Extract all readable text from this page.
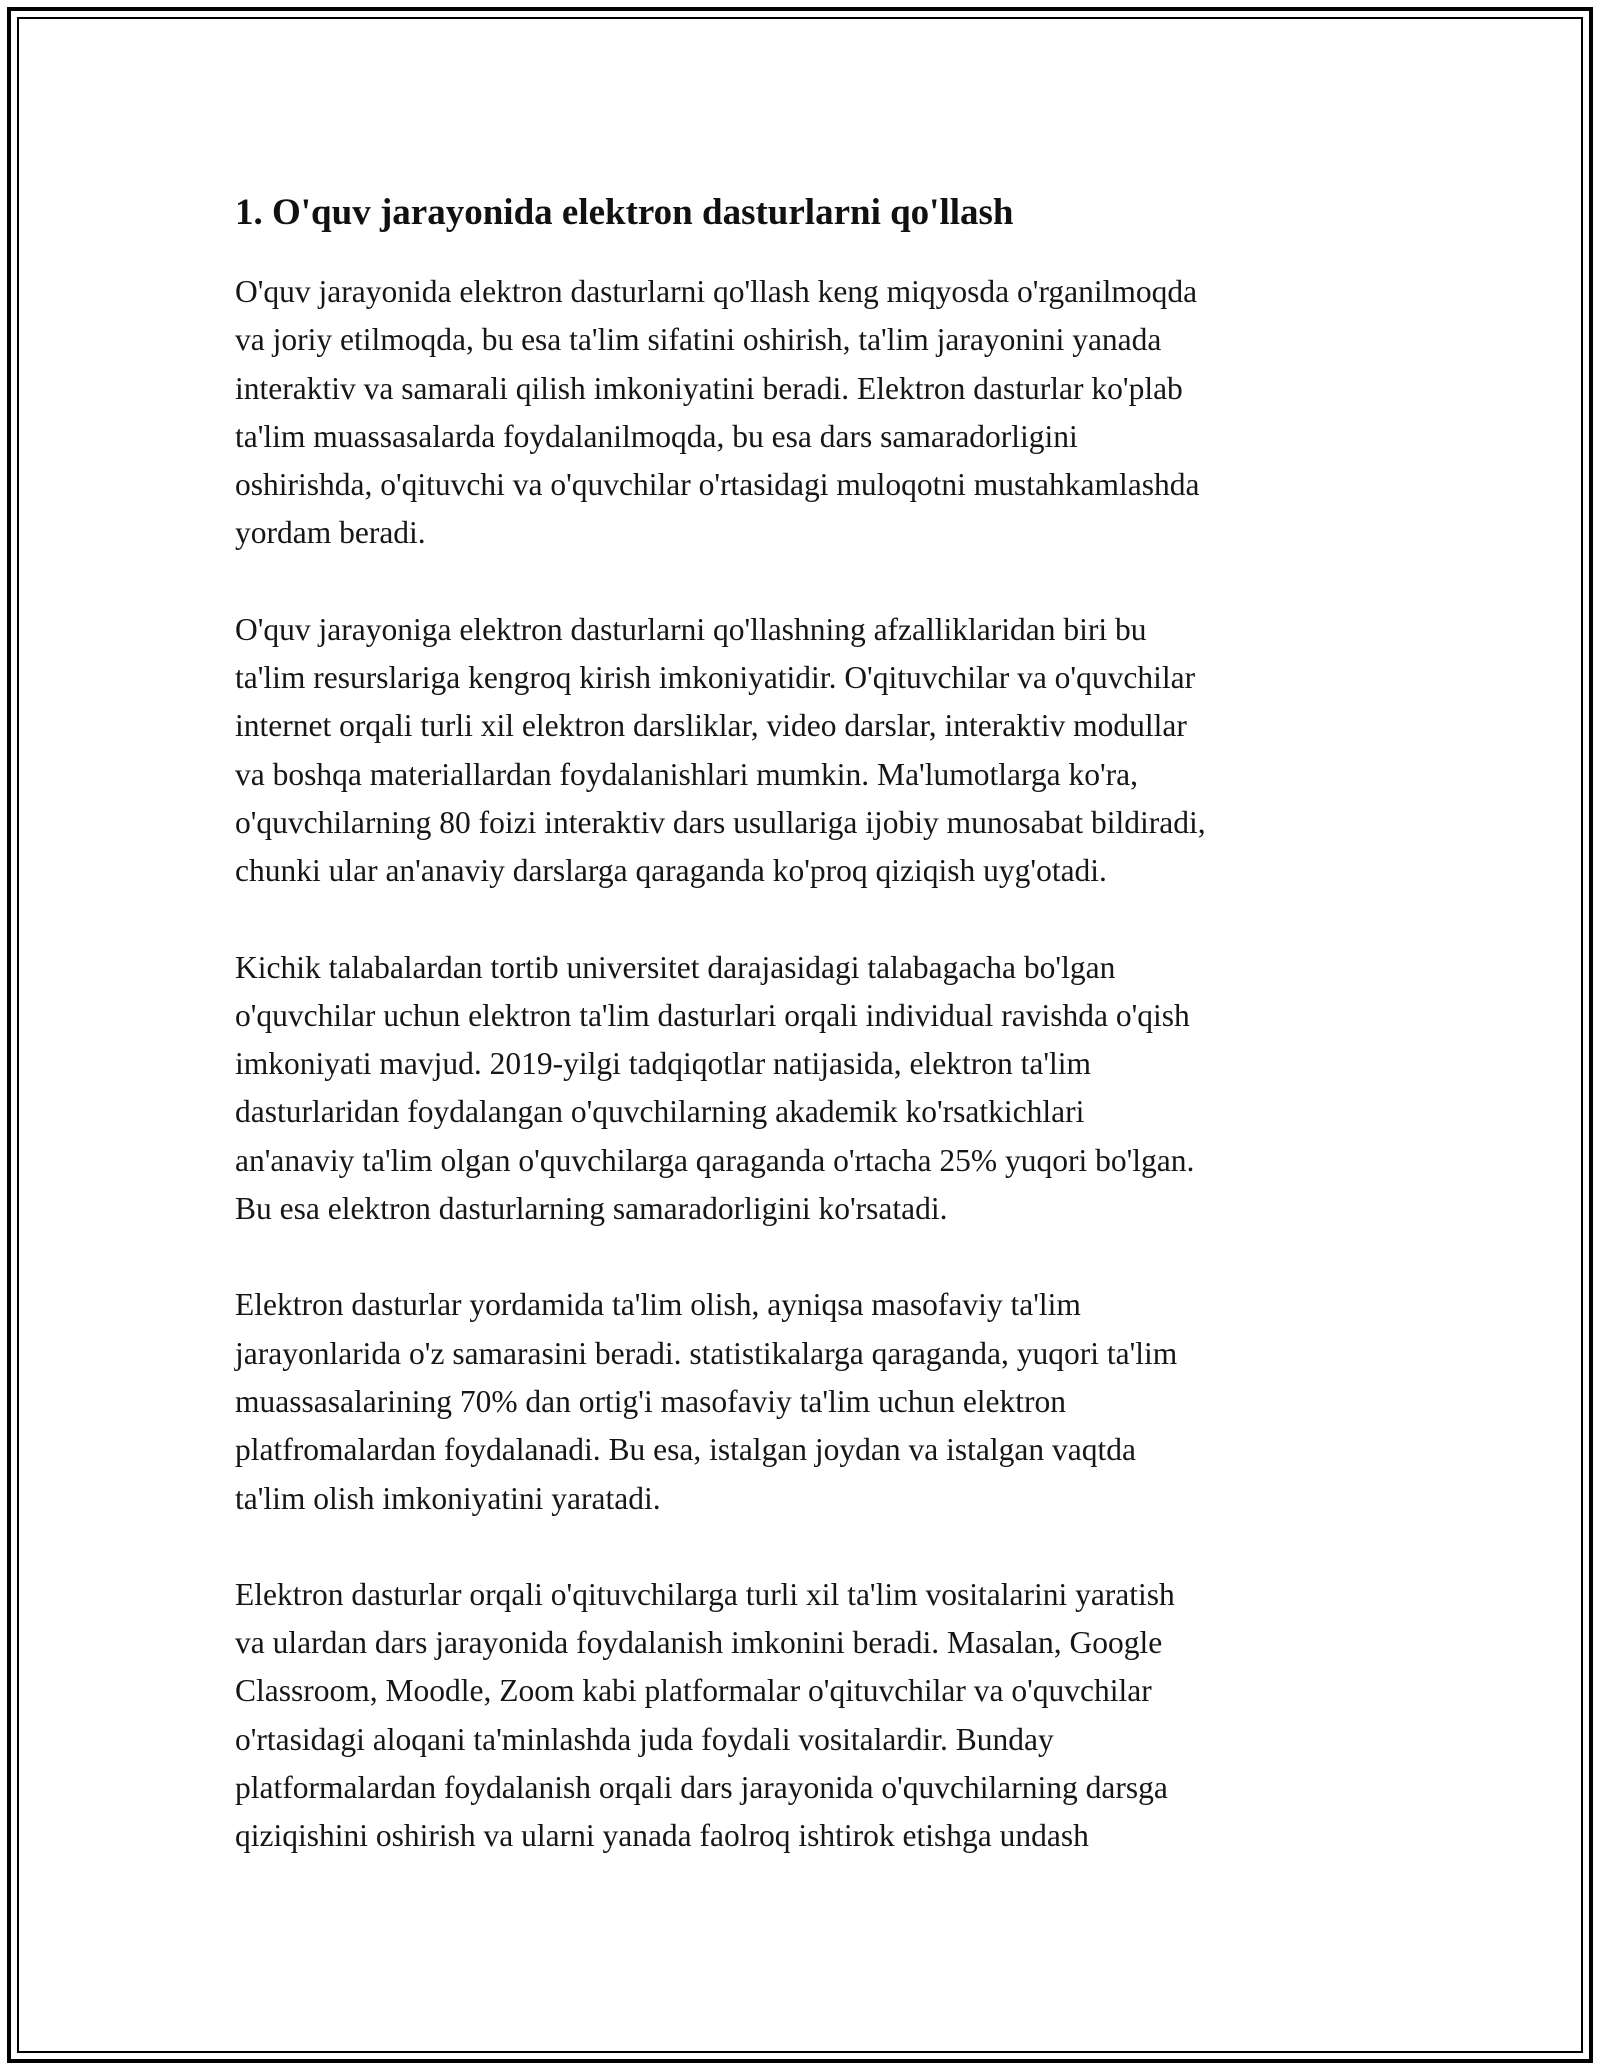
1. O'quv jarayonida elektron dasturlarni qo'llash

O'quv jarayonida elektron dasturlarni qo'llash keng miqyosda o'rganilmoqda
va joriy etilmoqda, bu esa ta'lim sifatini oshirish, ta'lim jarayonini yanada
interaktiv va samarali qilish imkoniyatini beradi. Elektron dasturlar ko'plab
ta'lim muassasalarda foydalanilmoqda, bu esa dars samaradorligini
oshirishda, o'qituvchi va o'quvchilar o'rtasidagi muloqotni mustahkamlashda
yordam beradi.

O'quv jarayoniga elektron dasturlarni qo'llashning afzalliklaridan biri bu
ta'lim resurslariga kengroq kirish imkoniyatidir. O'qituvchilar va o'quvchilar
internet orqali turli xil elektron darsliklar, video darslar, interaktiv modullar
va boshqa materiallardan foydalanishlari mumkin. Ma'lumotlarga ko'ra,
o'quvchilarning 80 foizi interaktiv dars usullariga ijobiy munosabat bildiradi,
chunki ular an'anaviy darslarga qaraganda ko'proq qiziqish uyg'otadi.

Kichik talabalardan tortib universitet darajasidagi talabagacha bo'lgan
o'quvchilar uchun elektron ta'lim dasturlari orqali individual ravishda o'qish
imkoniyati mavjud. 2019-yilgi tadqiqotlar natijasida, elektron ta'lim
dasturlaridan foydalangan o'quvchilarning akademik ko'rsatkichlari
an'anaviy ta'lim olgan o'quvchilarga qaraganda o'rtacha 25% yuqori bo'lgan.
Bu esa elektron dasturlarning samaradorligini ko'rsatadi.

Elektron dasturlar yordamida ta'lim olish, ayniqsa masofaviy ta'lim
jarayonlarida o'z samarasini beradi. statistikalarga qaraganda, yuqori ta'lim
muassasalarining 70% dan ortig'i masofaviy ta'lim uchun elektron
platfromalardan foydalanadi. Bu esa, istalgan joydan va istalgan vaqtda
ta'lim olish imkoniyatini yaratadi.

Elektron dasturlar orqali o'qituvchilarga turli xil ta'lim vositalarini yaratish
va ulardan dars jarayonida foydalanish imkonini beradi. Masalan, Google
Classroom, Moodle, Zoom kabi platformalar o'qituvchilar va o'quvchilar
o'rtasidagi aloqani ta'minlashda juda foydali vositalardir. Bunday
platformalardan foydalanish orqali dars jarayonida o'quvchilarning darsga
qiziqishini oshirish va ularni yanada faolroq ishtirok etishga undash
